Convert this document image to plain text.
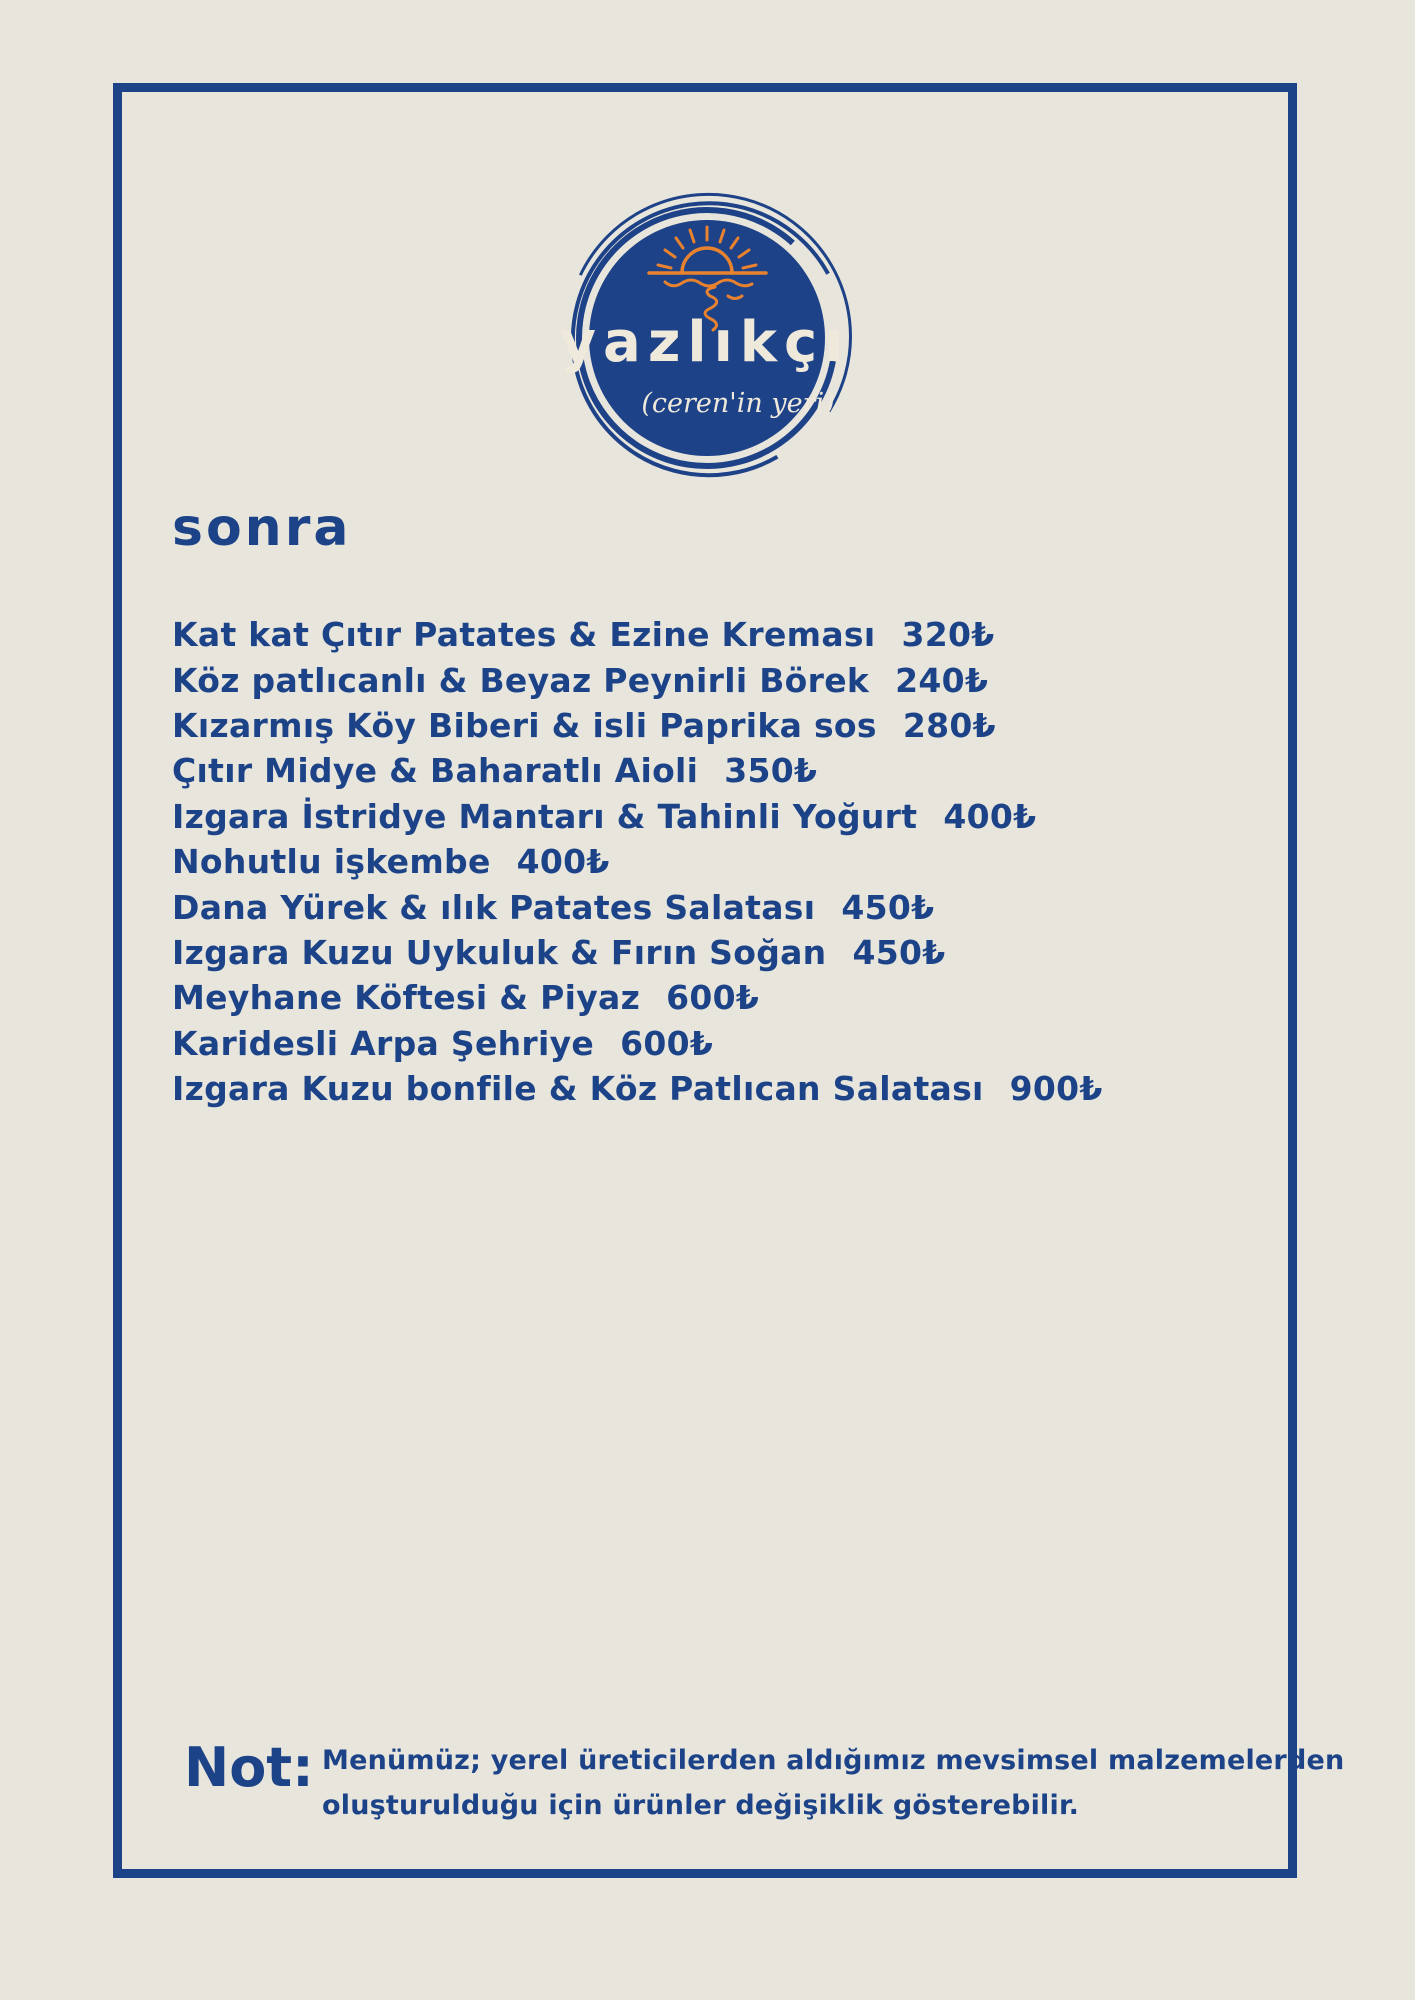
yazlıkçı
(ceren'in yeri)
sonra
Kat kat Çıtır Patates & Ezine Kreması 320₺
Köz patlıcanlı & Beyaz Peynirli Börek 240₺
Kızarmış Köy Biberi & isli Paprika sos 280₺
Çıtır Midye & Baharatlı Aioli 350₺
Izgara İstridye Mantarı & Tahinli Yoğurt 400₺
Nohutlu işkembe 400₺
Dana Yürek & ılık Patates Salatası 450₺
Izgara Kuzu Uykuluk & Fırın Soğan 450₺
Meyhane Köftesi & Piyaz 600₺
Karidesli Arpa Şehriye 600₺
Izgara Kuzu bonfile & Köz Patlıcan Salatası 900₺
Not: Menümüz; yerel üreticilerden aldığımız mevsimsel malzemelerden
oluşturulduğu için ürünler değişiklik gösterebilir.
